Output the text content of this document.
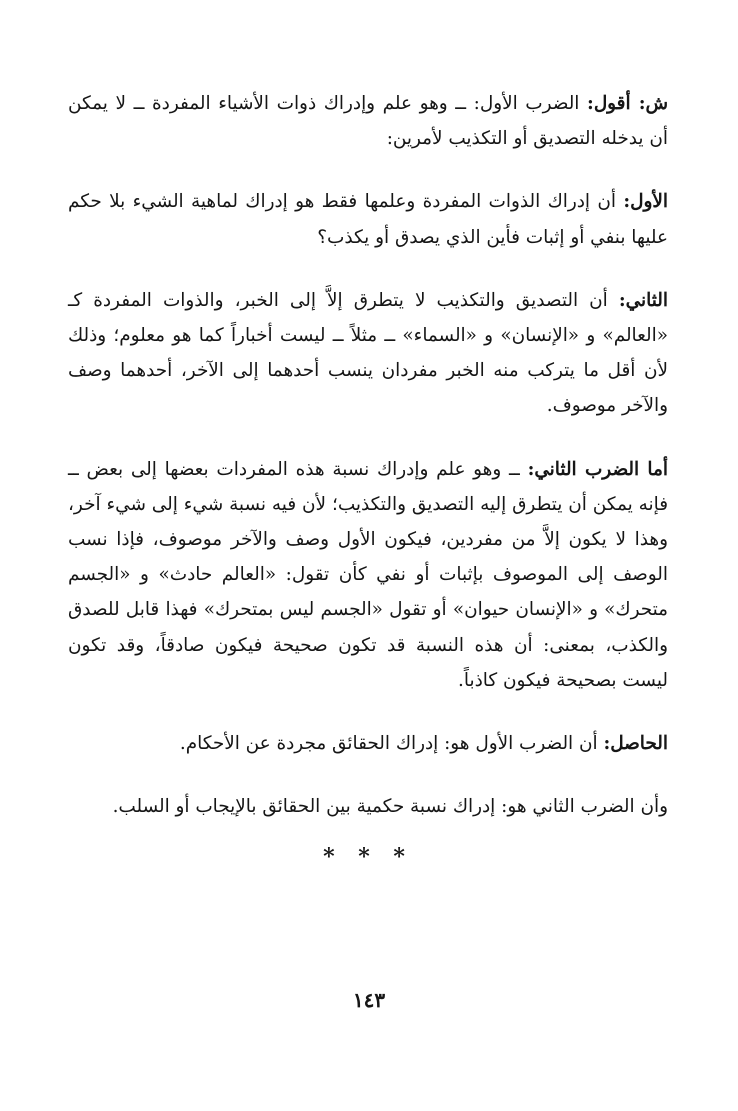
ش: أقول: الضرب الأول: ــ وهو علم وإدراك ذوات الأشياء المفردة ــ لا يمكن أن يدخله التصديق أو التكذيب لأمرين:

الأول: أن إدراك الذوات المفردة وعلمها فقط هو إدراك لماهية الشيء بلا حكم عليها بنفي أو إثبات فأين الذي يصدق أو يكذب؟

الثاني: أن التصديق والتكذيب لا يتطرق إلاَّ إلى الخبر، والذوات المفردة كـ «العالم» و «الإنسان» و «السماء» ــ مثلاً ــ ليست أخباراً كما هو معلوم؛ وذلك لأن أقل ما يتركب منه الخبر مفردان ينسب أحدهما إلى الآخر، أحدهما وصف والآخر موصوف.

أما الضرب الثاني: ــ وهو علم وإدراك نسبة هذه المفردات بعضها إلى بعض ــ فإنه يمكن أن يتطرق إليه التصديق والتكذيب؛ لأن فيه نسبة شيء إلى شيء آخر، وهذا لا يكون إلاَّ من مفردين، فيكون الأول وصف والآخر موصوف، فإذا نسب الوصف إلى الموصوف بإثبات أو نفي كأن تقول: «العالم حادث» و «الجسم متحرك» و «الإنسان حيوان» أو تقول «الجسم ليس بمتحرك» فهذا قابل للصدق والكذب، بمعنى: أن هذه النسبة قد تكون صحيحة فيكون صادقاً، وقد تكون ليست بصحيحة فيكون كاذباً.

الحاصل: أن الضرب الأول هو: إدراك الحقائق مجردة عن الأحكام.

وأن الضرب الثاني هو: إدراك نسبة حكمية بين الحقائق بالإيجاب أو السلب.

* * *
١٤٣
